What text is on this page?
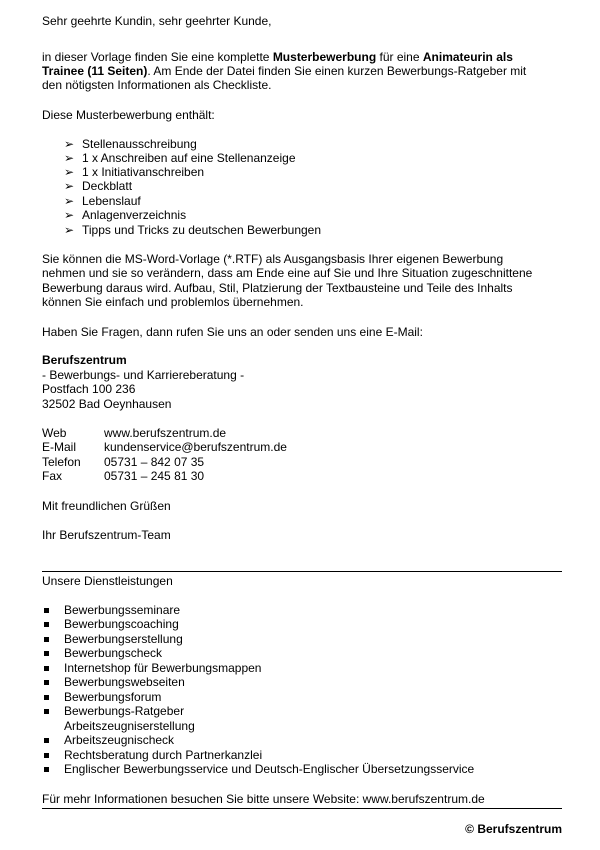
Sehr geehrte Kundin, sehr geehrter Kunde,
in dieser Vorlage finden Sie eine komplette Musterbewerbung für eine Animateurin als
Trainee (11 Seiten). Am Ende der Datei finden Sie einen kurzen Bewerbungs-Ratgeber mit
den nötigsten Informationen als Checkliste.
Diese Musterbewerbung enthält:
➢ Stellenausschreibung
➢ 1 x Anschreiben auf eine Stellenanzeige
➢ 1 x Initiativanschreiben
➢ Deckblatt
➢ Lebenslauf
➢ Anlagenverzeichnis
➢ Tipps und Tricks zu deutschen Bewerbungen
Sie können die MS-Word-Vorlage (*.RTF) als Ausgangsbasis Ihrer eigenen Bewerbung
nehmen und sie so verändern, dass am Ende eine auf Sie und Ihre Situation zugeschnittene
Bewerbung daraus wird. Aufbau, Stil, Platzierung der Textbausteine und Teile des Inhalts
können Sie einfach und problemlos übernehmen.
Haben Sie Fragen, dann rufen Sie uns an oder senden uns eine E-Mail:
Berufszentrum
- Bewerbungs- und Karriereberatung -
Postfach 100 236
32502 Bad Oeynhausen
Web	www.berufszentrum.de
E-Mail kundenservice@berufszentrum.de
Telefon 05731 – 842 07 35
Fax	05731 – 245 81 30
Mit freundlichen Grüßen
Ihr Berufszentrum-Team
Unsere Dienstleistungen
Bewerbungsseminare
Bewerbungscoaching
Bewerbungserstellung
Bewerbungscheck
Internetshop für Bewerbungsmappen
Bewerbungswebseiten
Bewerbungsforum
Bewerbungs-Ratgeber
Arbeitszeugniserstellung
Arbeitszeugnischeck
Rechtsberatung durch Partnerkanzlei
Englischer Bewerbungsservice und Deutsch-Englischer Übersetzungsservice
Für mehr Informationen besuchen Sie bitte unsere Website: www.berufszentrum.de
© Berufszentrum
